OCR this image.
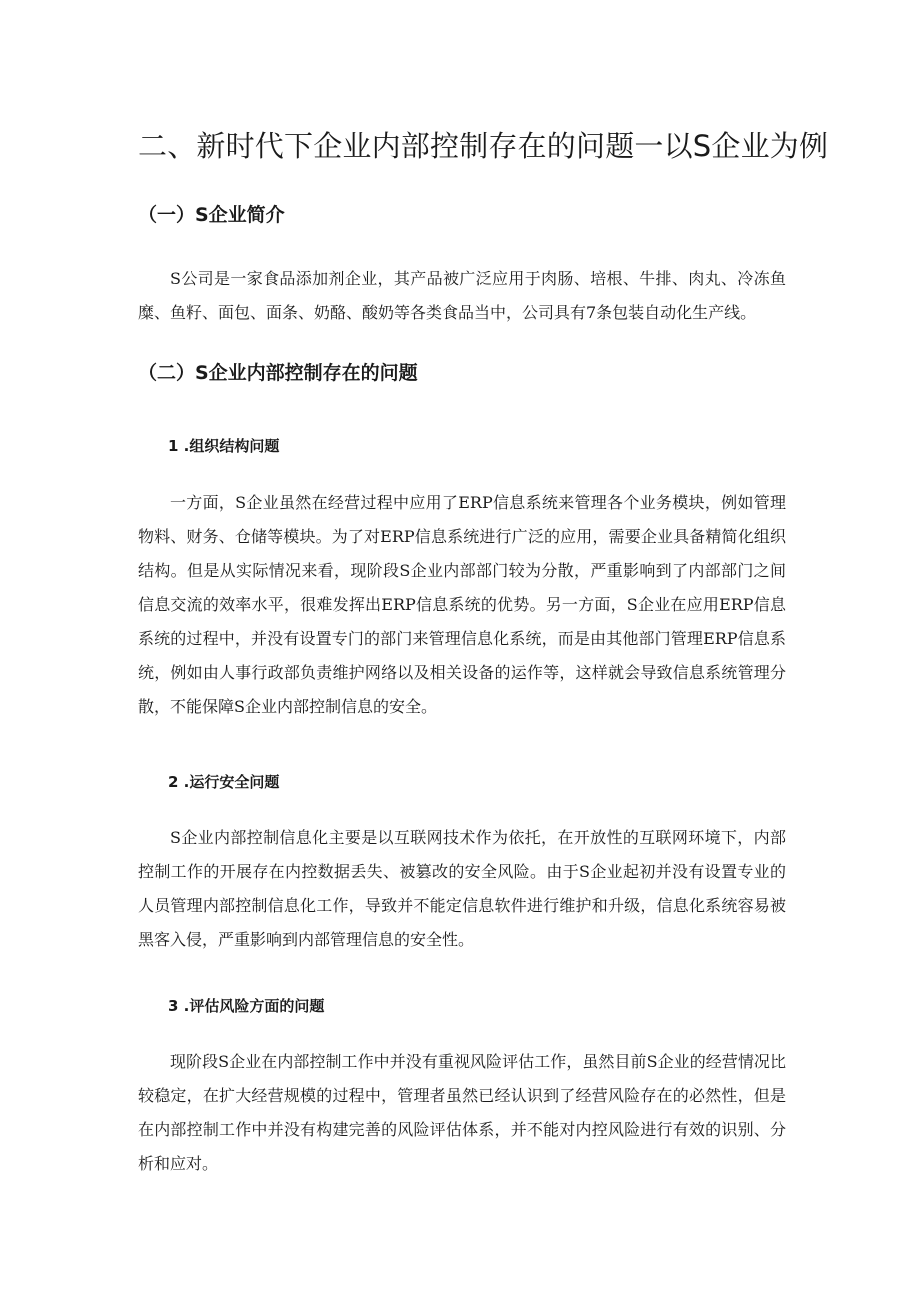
二、新时代下企业内部控制存在的问题一以S企业为例
（一）S企业简介

S公司是一家食品添加剂企业，其产品被广泛应用于肉肠、培根、牛排、肉丸、冷冻鱼糜、鱼籽、面包、面条、奶酪、酸奶等各类食品当中，公司具有7条包装自动化生产线。

（二）S企业内部控制存在的问题
1 .组织结构问题

一方面，S企业虽然在经营过程中应用了ERP信息系统来管理各个业务模块，例如管理物料、财务、仓储等模块。为了对ERP信息系统进行广泛的应用，需要企业具备精简化组织结构。但是从实际情况来看，现阶段S企业内部部门较为分散，严重影响到了内部部门之间信息交流的效率水平，很难发挥出ERP信息系统的优势。另一方面，S企业在应用ERP信息系统的过程中，并没有设置专门的部门来管理信息化系统，而是由其他部门管理ERP信息系统，例如由人事行政部负责维护网络以及相关设备的运作等，这样就会导致信息系统管理分散，不能保障S企业内部控制信息的安全。

2 .运行安全问题

S企业内部控制信息化主要是以互联网技术作为依托，在开放性的互联网环境下，内部控制工作的开展存在内控数据丢失、被篡改的安全风险。由于S企业起初并没有设置专业的人员管理内部控制信息化工作，导致并不能定信息软件进行维护和升级，信息化系统容易被黑客入侵，严重影响到内部管理信息的安全性。

3 .评估风险方面的问题

现阶段S企业在内部控制工作中并没有重视风险评估工作，虽然目前S企业的经营情况比较稳定，在扩大经营规模的过程中，管理者虽然已经认识到了经营风险存在的必然性，但是在内部控制工作中并没有构建完善的风险评估体系，并不能对内控风险进行有效的识别、分析和应对。
